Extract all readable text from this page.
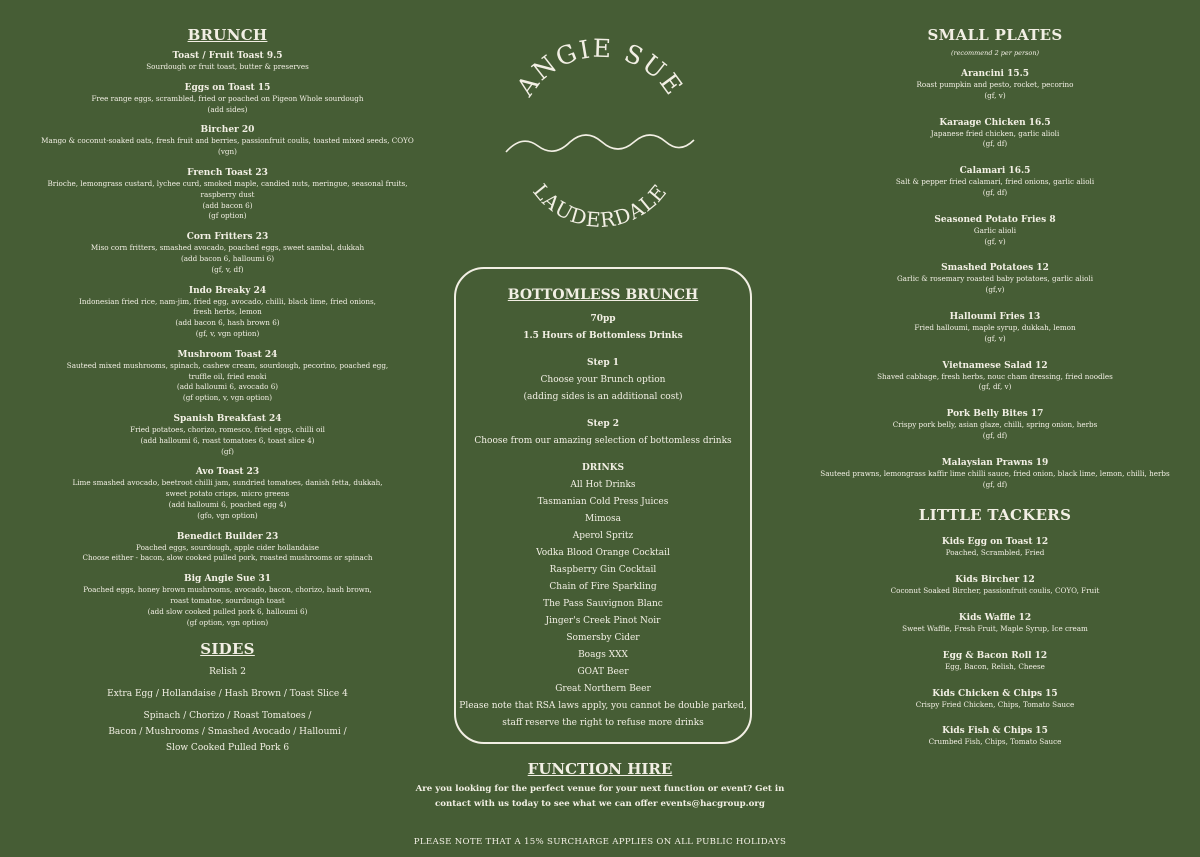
BRUNCH
Toast / Fruit Toast 9.5
Sourdough or fruit toast, butter & preserves
Eggs on Toast 15
Free range eggs, scrambled, fried or poached on Pigeon Whole sourdough
(add sides)
Bircher 20
Mango & coconut-soaked oats, fresh fruit and berries, passionfruit coulis, toasted mixed seeds, COYO
(vgn)
French Toast 23
Brioche, lemongrass custard, lychee curd, smoked maple, candied nuts, meringue, seasonal fruits,
raspberry dust
(add bacon 6)
(gf option)
Corn Fritters 23
Miso corn fritters, smashed avocado, poached eggs, sweet sambal, dukkah
(add bacon 6, halloumi 6)
(gf, v, df)
Indo Breaky 24
Indonesian fried rice, nam-jim, fried egg, avocado, chilli, black lime, fried onions,
fresh herbs, lemon
(add bacon 6, hash brown 6)
(gf, v, vgn option)
Mushroom Toast 24
Sauteed mixed mushrooms, spinach, cashew cream, sourdough, pecorino, poached egg,
truffle oil, fried enoki
(add halloumi 6, avocado 6)
(gf option, v, vgn option)
Spanish Breakfast 24
Fried potatoes, chorizo, romesco, fried eggs, chilli oil
(add halloumi 6, roast tomatoes 6, toast slice 4)
(gf)
Avo Toast 23
Lime smashed avocado, beetroot chilli jam, sundried tomatoes, danish fetta, dukkah,
sweet potato crisps, micro greens
(add halloumi 6, poached egg 4)
(gfo, vgn option)
Benedict Builder 23
Poached eggs, sourdough, apple cider hollandaise
Choose either - bacon, slow cooked pulled pork, roasted mushrooms or spinach
Big Angie Sue 31
Poached eggs, honey brown mushrooms, avocado, bacon, chorizo, hash brown,
roast tomatoe, sourdough toast
(add slow cooked pulled pork 6, halloumi 6)
(gf option, vgn option)
SIDES
Relish 2
Extra Egg / Hollandaise / Hash Brown / Toast Slice 4
Spinach / Chorizo / Roast Tomatoes /
Bacon / Mushrooms / Smashed Avocado / Halloumi /
Slow Cooked Pulled Pork 6
ANGIE SUE
LAUDERDALE
BOTTOMLESS BRUNCH
70pp
1.5 Hours of Bottomless Drinks
Step 1
Choose your Brunch option
(adding sides is an additional cost)
Step 2
Choose from our amazing selection of bottomless drinks
DRINKS
All Hot Drinks
Tasmanian Cold Press Juices
Mimosa
Aperol Spritz
Vodka Blood Orange Cocktail
Raspberry Gin Cocktail
Chain of Fire Sparkling
The Pass Sauvignon Blanc
Jinger's Creek Pinot Noir
Somersby Cider
Boags XXX
GOAT Beer
Great Northern Beer
Please note that RSA laws apply, you cannot be double parked,
staff reserve the right to refuse more drinks
FUNCTION HIRE
Are you looking for the perfect venue for your next function or event? Get in
contact with us today to see what we can offer events@hacgroup.org
PLEASE NOTE THAT A 15% SURCHARGE APPLIES ON ALL PUBLIC HOLIDAYS
SMALL PLATES
(recommend 2 per person)
Arancini 15.5
Roast pumpkin and pesto, rocket, pecorino
(gf, v)
Karaage Chicken 16.5
Japanese fried chicken, garlic alioli
(gf, df)
Calamari 16.5
Salt & pepper fried calamari, fried onions, garlic alioli
(gf, df)
Seasoned Potato Fries 8
Garlic alioli
(gf, v)
Smashed Potatoes 12
Garlic & rosemary roasted baby potatoes, garlic alioli
(gf,v)
Halloumi Fries 13
Fried halloumi, maple syrup, dukkah, lemon
(gf, v)
Vietnamese Salad 12
Shaved cabbage, fresh herbs, nouc cham dressing, fried noodles
(gf, df, v)
Pork Belly Bites 17
Crispy pork belly, asian glaze, chilli, spring onion, herbs
(gf, df)
Malaysian Prawns 19
Sauteed prawns, lemongrass kaffir lime chilli sauce, fried onion, black lime, lemon, chilli, herbs
(gf, df)
LITTLE TACKERS
Kids Egg on Toast 12
Poached, Scrambled, Fried
Kids Bircher 12
Coconut Soaked Bircher, passionfruit coulis, COYO, Fruit
Kids Waffle 12
Sweet Waffle, Fresh Fruit, Maple Syrup, Ice cream
Egg & Bacon Roll 12
Egg, Bacon, Relish, Cheese
Kids Chicken & Chips 15
Crispy Fried Chicken, Chips, Tomato Sauce
Kids Fish & Chips 15
Crumbed Fish, Chips, Tomato Sauce
